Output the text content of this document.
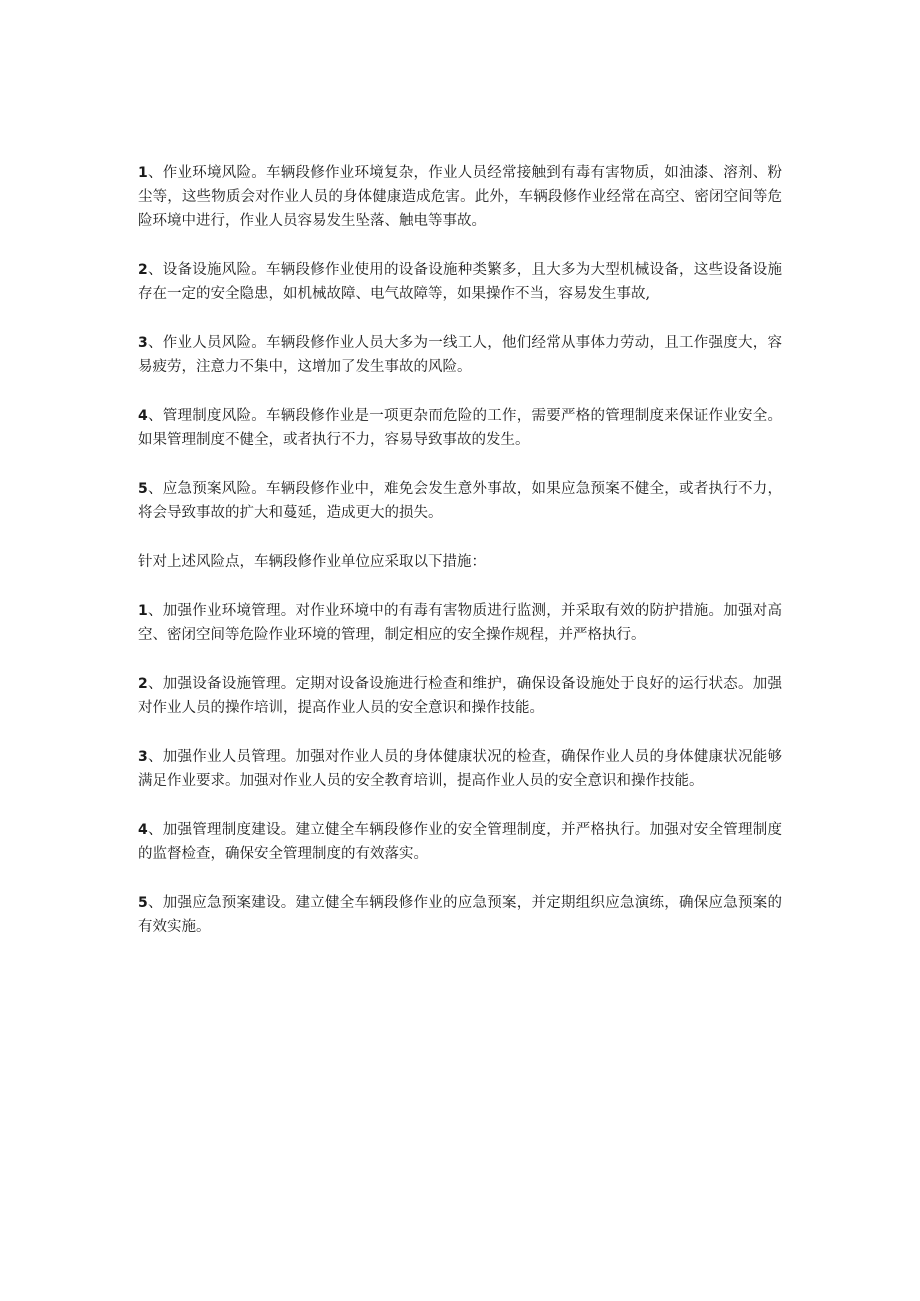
1、作业环境风险。车辆段修作业环境复杂，作业人员经常接触到有毒有害物质，如油漆、溶剂、粉尘等，这些物质会对作业人员的身体健康造成危害。此外，车辆段修作业经常在高空、密闭空间等危险环境中进行，作业人员容易发生坠落、触电等事故。

2、设备设施风险。车辆段修作业使用的设备设施种类繁多，且大多为大型机械设备，这些设备设施存在一定的安全隐患，如机械故障、电气故障等，如果操作不当，容易发生事故,

3、作业人员风险。车辆段修作业人员大多为一线工人，他们经常从事体力劳动，且工作强度大，容易疲劳，注意力不集中，这增加了发生事故的风险。

4、管理制度风险。车辆段修作业是一项更杂而危险的工作，需要严格的管理制度来保证作业安全。如果管理制度不健全，或者执行不力，容易导致事故的发生。

5、应急预案风险。车辆段修作业中，难免会发生意外事故，如果应急预案不健全，或者执行不力，将会导致事故的扩大和蔓延，造成更大的损失。

针对上述风险点，车辆段修作业单位应采取以下措施：

1、加强作业环境管理。对作业环境中的有毒有害物质进行监测，并采取有效的防护措施。加强对高空、密闭空间等危险作业环境的管理，制定相应的安全操作规程，并严格执行。

2、加强设备设施管理。定期对设备设施进行检查和维护，确保设备设施处于良好的运行状态。加强对作业人员的操作培训，提高作业人员的安全意识和操作技能。

3、加强作业人员管理。加强对作业人员的身体健康状况的检查，确保作业人员的身体健康状况能够满足作业要求。加强对作业人员的安全教育培训，提高作业人员的安全意识和操作技能。

4、加强管理制度建设。建立健全车辆段修作业的安全管理制度，并严格执行。加强对安全管理制度的监督检查，确保安全管理制度的有效落实。

5、加强应急预案建设。建立健全车辆段修作业的应急预案，并定期组织应急演练，确保应急预案的有效实施。
